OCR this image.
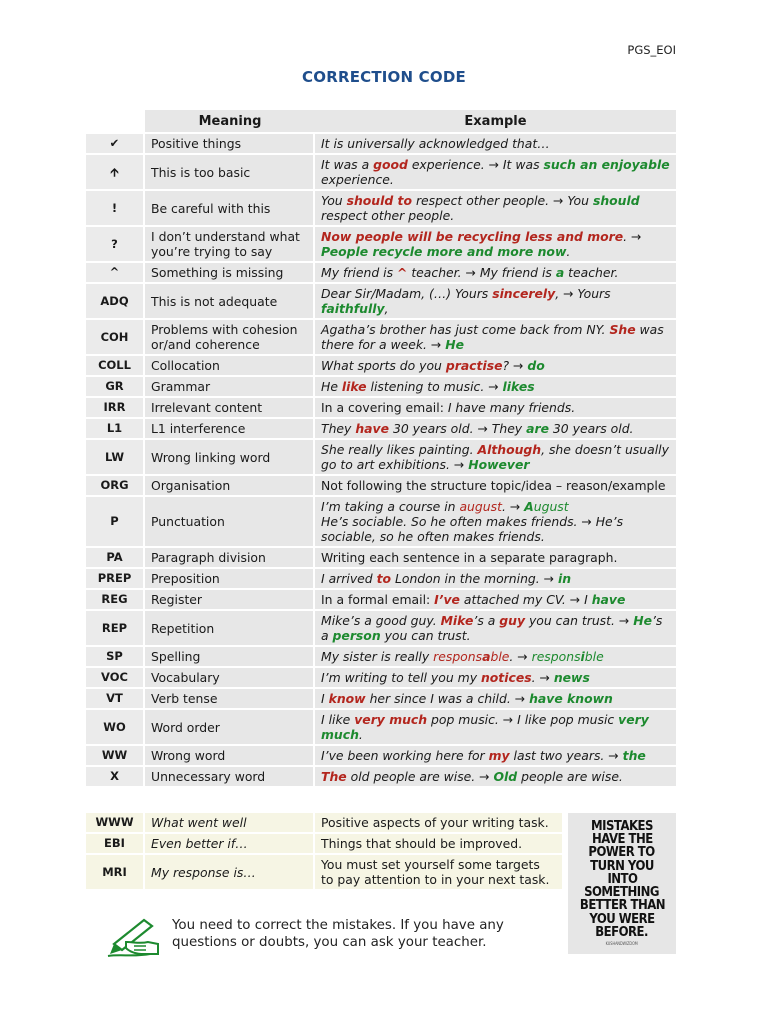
PGS_EOI
CORRECTION CODE
	Meaning	Example
✔	Positive things	It is universally acknowledged that…
🡩	This is too basic	It was a good experience. → It was such an enjoyable experience.
!	Be careful with this	You should to respect other people. → You should respect other people.
?	I don’t understand what you’re trying to say	Now people will be recycling less and more. → People recycle more and more now.
^	Something is missing	My friend is ^ teacher. → My friend is a teacher.
ADQ	This is not adequate	Dear Sir/Madam, (…) Yours sincerely, → Yours faithfully,
COH	Problems with cohesion or/and coherence	Agatha’s brother has just come back from NY. She was there for a week. → He
COLL	Collocation	What sports do you practise? → do
GR	Grammar	He like listening to music. → likes
IRR	Irrelevant content	In a covering email: I have many friends.
L1	L1 interference	They have 30 years old. → They are 30 years old.
LW	Wrong linking word	She really likes painting. Although, she doesn’t usually go to art exhibitions. → However
ORG	Organisation	Not following the structure topic/idea – reason/example
P	Punctuation	I’m taking a course in august. → August
He’s sociable. So he often makes friends. → He’s sociable, so he often makes friends.
PA	Paragraph division	Writing each sentence in a separate paragraph.
PREP	Preposition	I arrived to London in the morning. → in
REG	Register	In a formal email: I’ve attached my CV. → I have
REP	Repetition	Mike’s a good guy. Mike’s a guy you can trust. → He’s a person you can trust.
SP	Spelling	My sister is really responsable. → responsible
VOC	Vocabulary	I’m writing to tell you my notices. → news
VT	Verb tense	I know her since I was a child. → have known
WO	Word order	I like very much pop music. → I like pop music very much.
WW	Wrong word	I’ve been working here for my last two years. → the
X	Unnecessary word	The old people are wise. → Old people are wise.
WWW	What went well	Positive aspects of your writing task.
EBI	Even better if…	Things that should be improved.
MRI	My response is…	You must set yourself some targets to pay attention to in your next task.
MISTAKES
HAVE THE
POWER TO
TURN YOU
INTO
SOMETHING
BETTER THAN
YOU WERE
BEFORE.
KUSHANDWIZDOM
You need to correct the mistakes. If you have any questions or doubts, you can ask your teacher.
